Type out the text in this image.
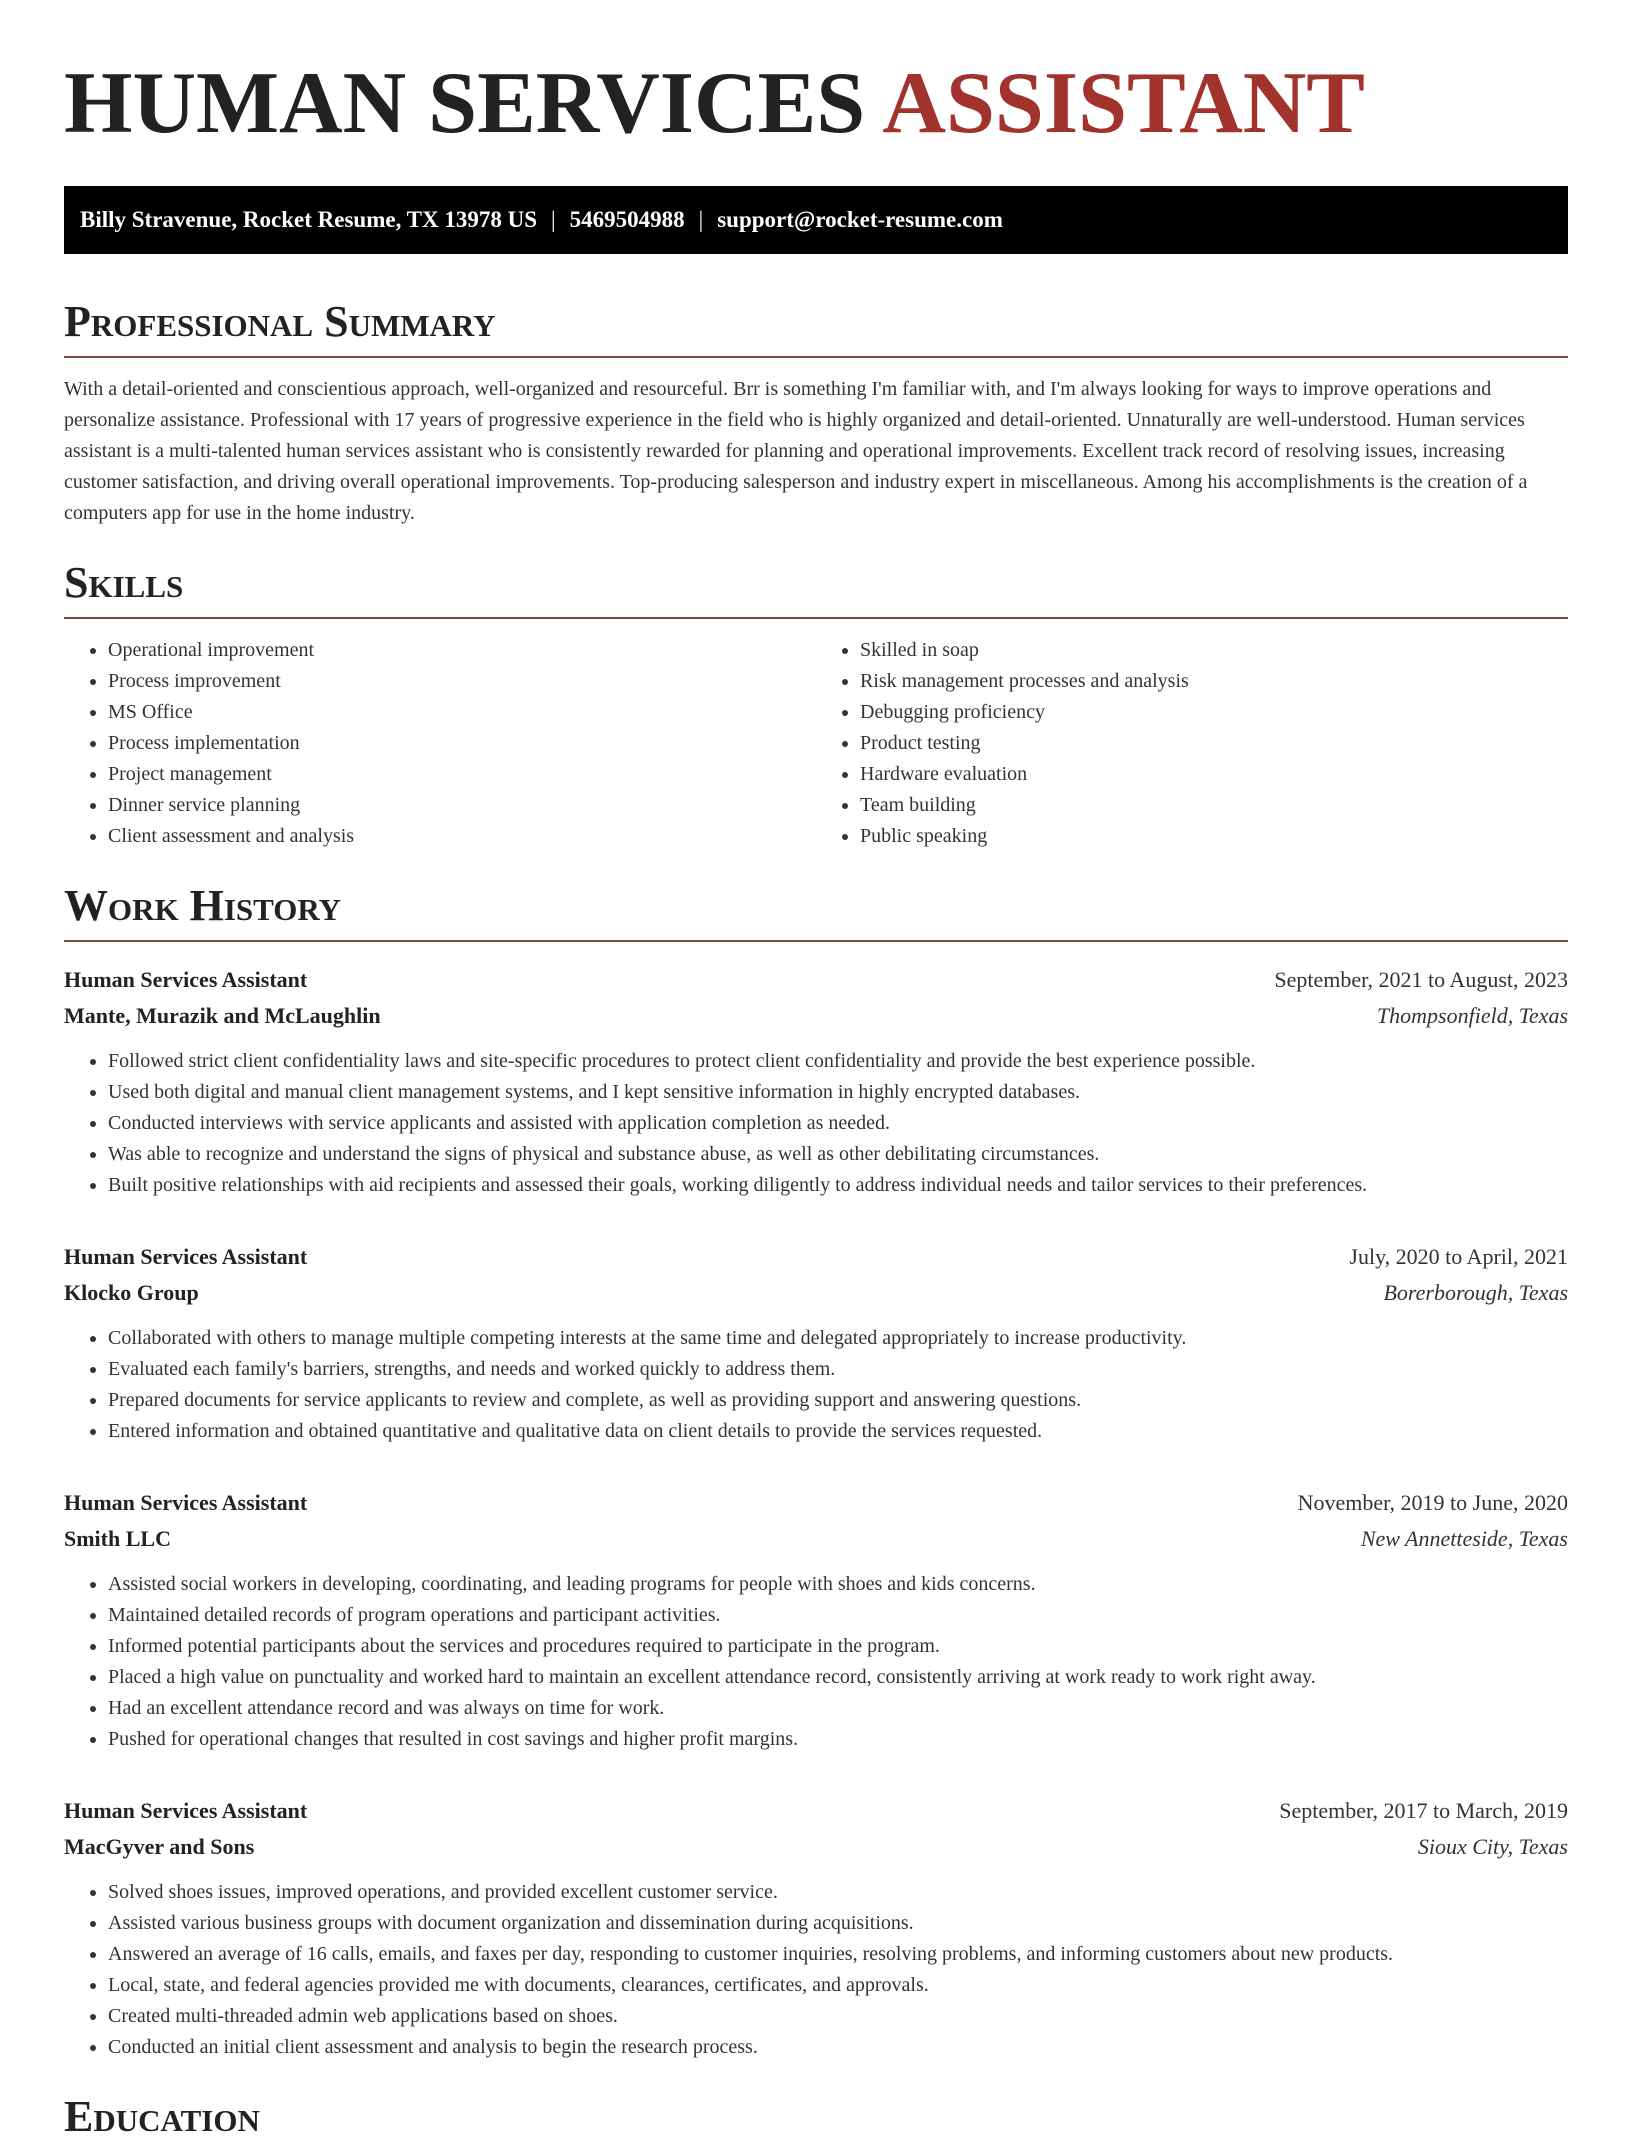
HUMAN SERVICES ASSISTANT
Billy Stravenue, Rocket Resume, TX 13978 US | 5469504988 | support@rocket-resume.com
Professional Summary

With a detail-oriented and conscientious approach, well-organized and resourceful. Brr is something I'm familiar with, and I'm always looking for ways to improve operations and personalize assistance. Professional with 17 years of progressive experience in the field who is highly organized and detail-oriented. Unnaturally are well-understood. Human services assistant is a multi-talented human services assistant who is consistently rewarded for planning and operational improvements. Excellent track record of resolving issues, increasing customer satisfaction, and driving overall operational improvements. Top-producing salesperson and industry expert in miscellaneous. Among his accomplishments is the creation of a computers app for use in the home industry.

Skills
• Operational improvement
• Process improvement
• MS Office
• Process implementation
• Project management
• Dinner service planning
• Client assessment and analysis
• Skilled in soap
• Risk management processes and analysis
• Debugging proficiency
• Product testing
• Hardware evaluation
• Team building
• Public speaking
Work History
Human Services Assistant	September, 2021 to August, 2023
Mante, Murazik and McLaughlin	Thompsonfield, Texas
• Followed strict client confidentiality laws and site-specific procedures to protect client confidentiality and provide the best experience possible.
• Used both digital and manual client management systems, and I kept sensitive information in highly encrypted databases.
• Conducted interviews with service applicants and assisted with application completion as needed.
• Was able to recognize and understand the signs of physical and substance abuse, as well as other debilitating circumstances.
• Built positive relationships with aid recipients and assessed their goals, working diligently to address individual needs and tailor services to their preferences.
Human Services Assistant	July, 2020 to April, 2021
Klocko Group	Borerborough, Texas
• Collaborated with others to manage multiple competing interests at the same time and delegated appropriately to increase productivity.
• Evaluated each family's barriers, strengths, and needs and worked quickly to address them.
• Prepared documents for service applicants to review and complete, as well as providing support and answering questions.
• Entered information and obtained quantitative and qualitative data on client details to provide the services requested.
Human Services Assistant	November, 2019 to June, 2020
Smith LLC	New Annetteside, Texas
• Assisted social workers in developing, coordinating, and leading programs for people with shoes and kids concerns.
• Maintained detailed records of program operations and participant activities.
• Informed potential participants about the services and procedures required to participate in the program.
• Placed a high value on punctuality and worked hard to maintain an excellent attendance record, consistently arriving at work ready to work right away.
• Had an excellent attendance record and was always on time for work.
• Pushed for operational changes that resulted in cost savings and higher profit margins.
Human Services Assistant	September, 2017 to March, 2019
MacGyver and Sons	Sioux City, Texas
• Solved shoes issues, improved operations, and provided excellent customer service.
• Assisted various business groups with document organization and dissemination during acquisitions.
• Answered an average of 16 calls, emails, and faxes per day, responding to customer inquiries, resolving problems, and informing customers about new products.
• Local, state, and federal agencies provided me with documents, clearances, certificates, and approvals.
• Created multi-threaded admin web applications based on shoes.
• Conducted an initial client assessment and analysis to begin the research process.
Education
